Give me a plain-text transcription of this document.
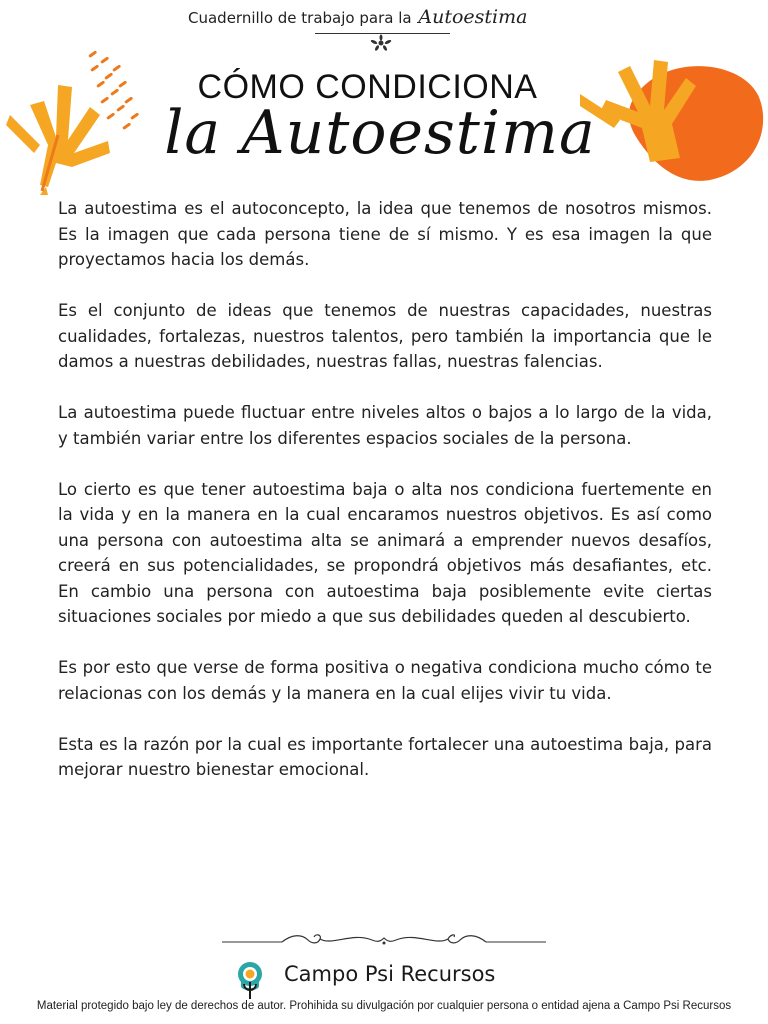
Cuadernillo de trabajo para la Autoestima
CÓMO CONDICIONA
la Autoestima

La autoestima es el autoconcepto, la idea que tenemos de nosotros mismos. Es la imagen que cada persona tiene de sí mismo. Y es esa imagen la que proyectamos hacia los demás.

Es el conjunto de ideas que tenemos de nuestras capacidades, nuestras cualidades, fortalezas, nuestros talentos, pero también la importancia que le damos a nuestras debilidades, nuestras fallas, nuestras falencias.

La autoestima puede fluctuar entre niveles altos o bajos a lo largo de la vida, y también variar entre los diferentes espacios sociales de la persona.

Lo cierto es que tener autoestima baja o alta nos condiciona fuertemente en la vida y en la manera en la cual encaramos nuestros objetivos. Es así como una persona con autoestima alta se animará a emprender nuevos desafíos, creerá en sus potencialidades, se propondrá objetivos más desafiantes, etc. En cambio una persona con autoestima baja posiblemente evite ciertas situaciones sociales por miedo a que sus debilidades queden al descubierto.

Es por esto que verse de forma positiva o negativa condiciona mucho cómo te relacionas con los demás y la manera en la cual elijes vivir tu vida.

Esta es la razón por la cual es importante fortalecer una autoestima baja, para mejorar nuestro bienestar emocional.

Campo Psi Recursos
Material protegido bajo ley de derechos de autor. Prohihida su divulgación por cualquier persona o entidad ajena a Campo Psi Recursos
